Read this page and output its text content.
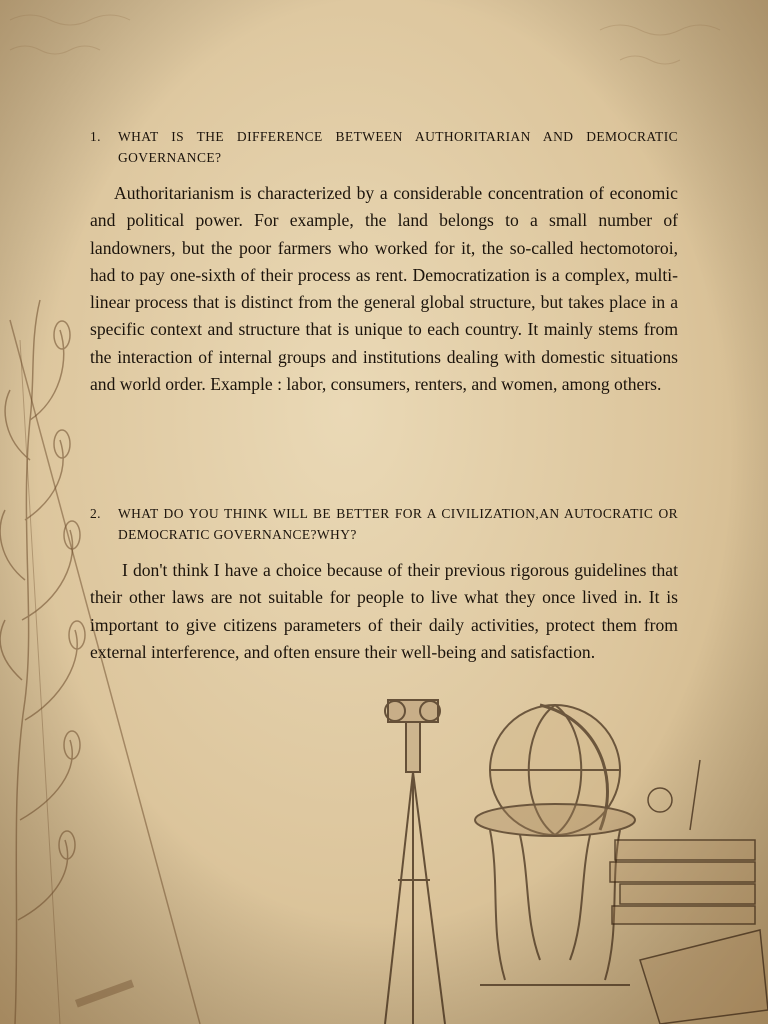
1.	WHAT IS THE DIFFERENCE BETWEEN AUTHORITARIAN AND DEMOCRATIC GOVERNANCE?

Authoritarianism is characterized by a considerable concentration of economic and political power. For example, the land belongs to a small number of landowners, but the poor farmers who worked for it, the so-called hectomotoroi, had to pay one-sixth of their process as rent. Democratization is a complex, multi-linear process that is distinct from the general global structure, but takes place in a specific context and structure that is unique to each country. It mainly stems from the interaction of internal groups and institutions dealing with domestic situations and world order. Example : labor, consumers, renters, and women, among others.

2.	WHAT DO YOU THINK WILL BE BETTER FOR A CIVILIZATION,AN AUTOCRATIC OR DEMOCRATIC GOVERNANCE?WHY?

I don't think I have a choice because of their previous rigorous guidelines that their other laws are not suitable for people to live what they once lived in. It is important to give citizens parameters of their daily activities, protect them from external interference, and often ensure their well-being and satisfaction.
